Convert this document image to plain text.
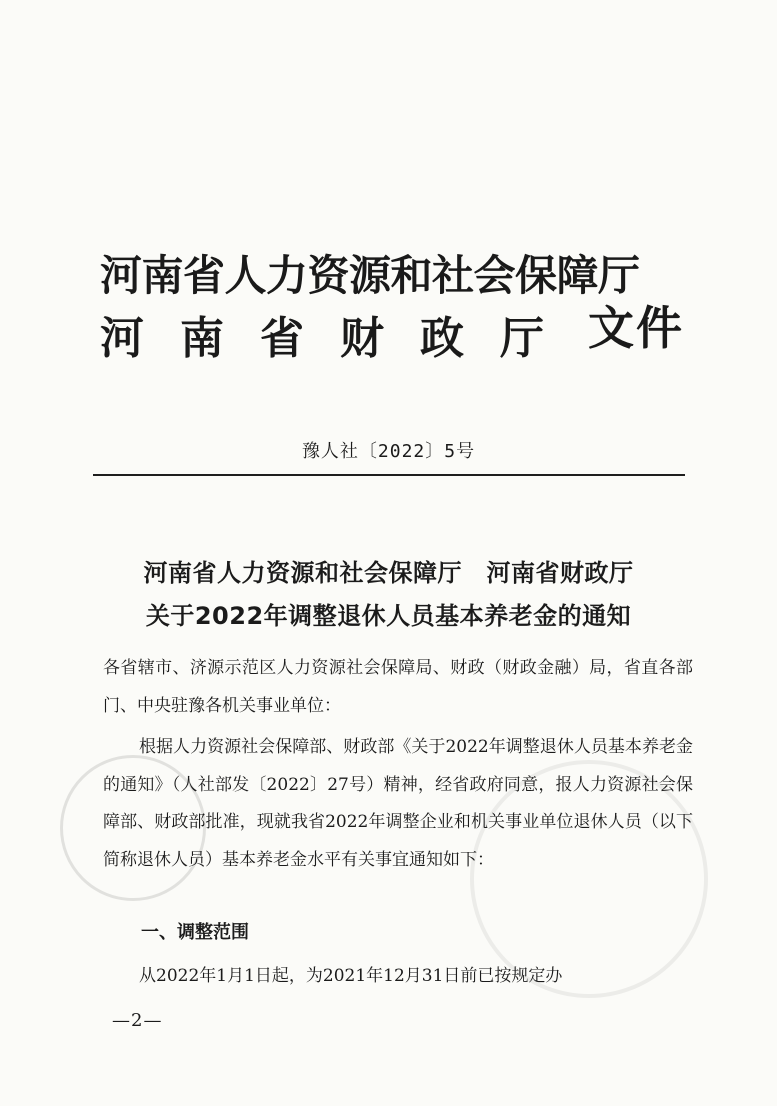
河南省人力资源和社会保障厅
河南省财政厅 文件
豫人社〔2022〕5号
河南省人力资源和社会保障厅　河南省财政厅
关于2022年调整退休人员基本养老金的通知
各省辖市、济源示范区人力资源社会保障局、财政（财政金融）局，省直各部门、中央驻豫各机关事业单位：
根据人力资源社会保障部、财政部《关于2022年调整退休人员基本养老金的通知》（人社部发〔2022〕27号）精神，经省政府同意，报人力资源社会保障部、财政部批准，现就我省2022年调整企业和机关事业单位退休人员（以下简称退休人员）基本养老金水平有关事宜通知如下：
一、调整范围
从2022年1月1日起，为2021年12月31日前已按规定办
—2—
